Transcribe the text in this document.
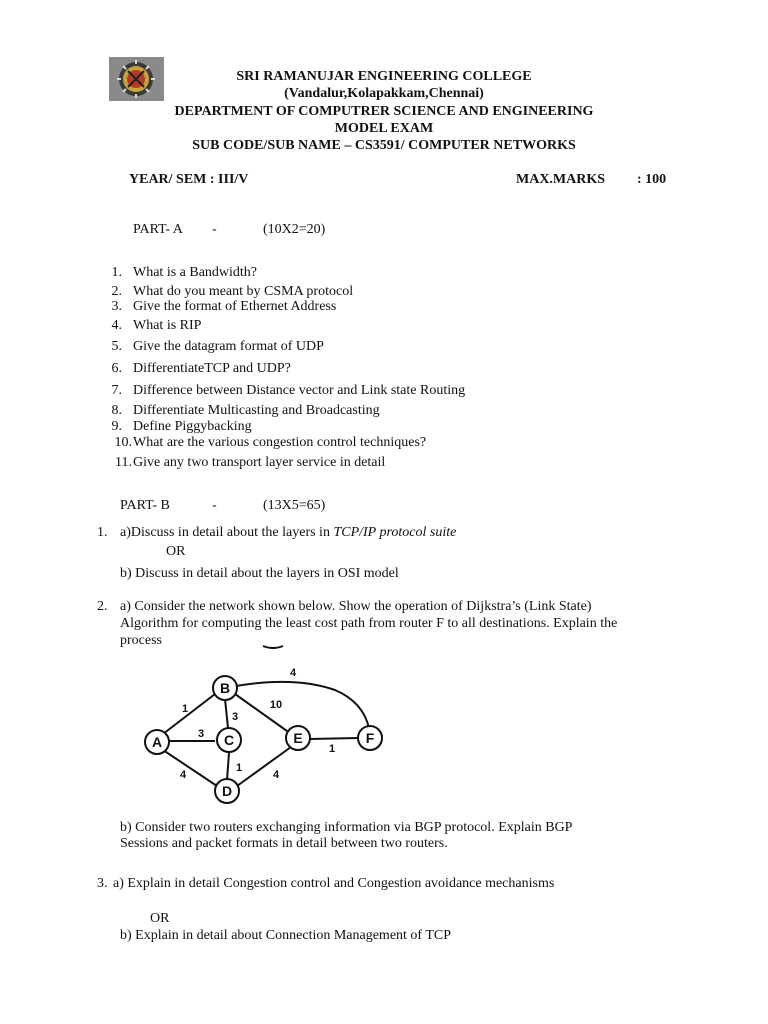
SRI RAMANUJAR ENGINEERING COLLEGE
(Vandalur,Kolapakkam,Chennai)
DEPARTMENT OF COMPUTRER SCIENCE AND ENGINEERING
MODEL EXAM
SUB CODE/SUB NAME – CS3591/ COMPUTER NETWORKS
YEAR/ SEM : III/V	MAX.MARKS : 100
PART- A -	(10X2=20)
1. What is a Bandwidth?
2. What do you meant by CSMA protocol
3. Give the format of Ethernet Address
4. What is RIP
5. Give the datagram format of UDP
6. DifferentiateTCP and UDP?
7. Difference between Distance vector and Link state Routing
8. Differentiate Multicasting and Broadcasting
9. Define Piggybacking
10. What are the various congestion control techniques?
11. Give any two transport layer service in detail
PART- B	-	(13X5=65)
1. a)Discuss in detail about the layers in TCP/IP protocol suite
OR
b) Discuss in detail about the layers in OSI model
2. a) Consider the network shown below. Show the operation of Dijkstra’s (Link State)
Algorithm for computing the least cost path from router F to all destinations. Explain the
process
A
B
C
D
E	F
1
3
4
3
10
4
1
4
1
b) Consider two routers exchanging information via BGP protocol. Explain BGP
Sessions and packet formats in detail between two routers.
3. a) Explain in detail Congestion control and Congestion avoidance mechanisms
OR
b) Explain in detail about Connection Management of TCP
